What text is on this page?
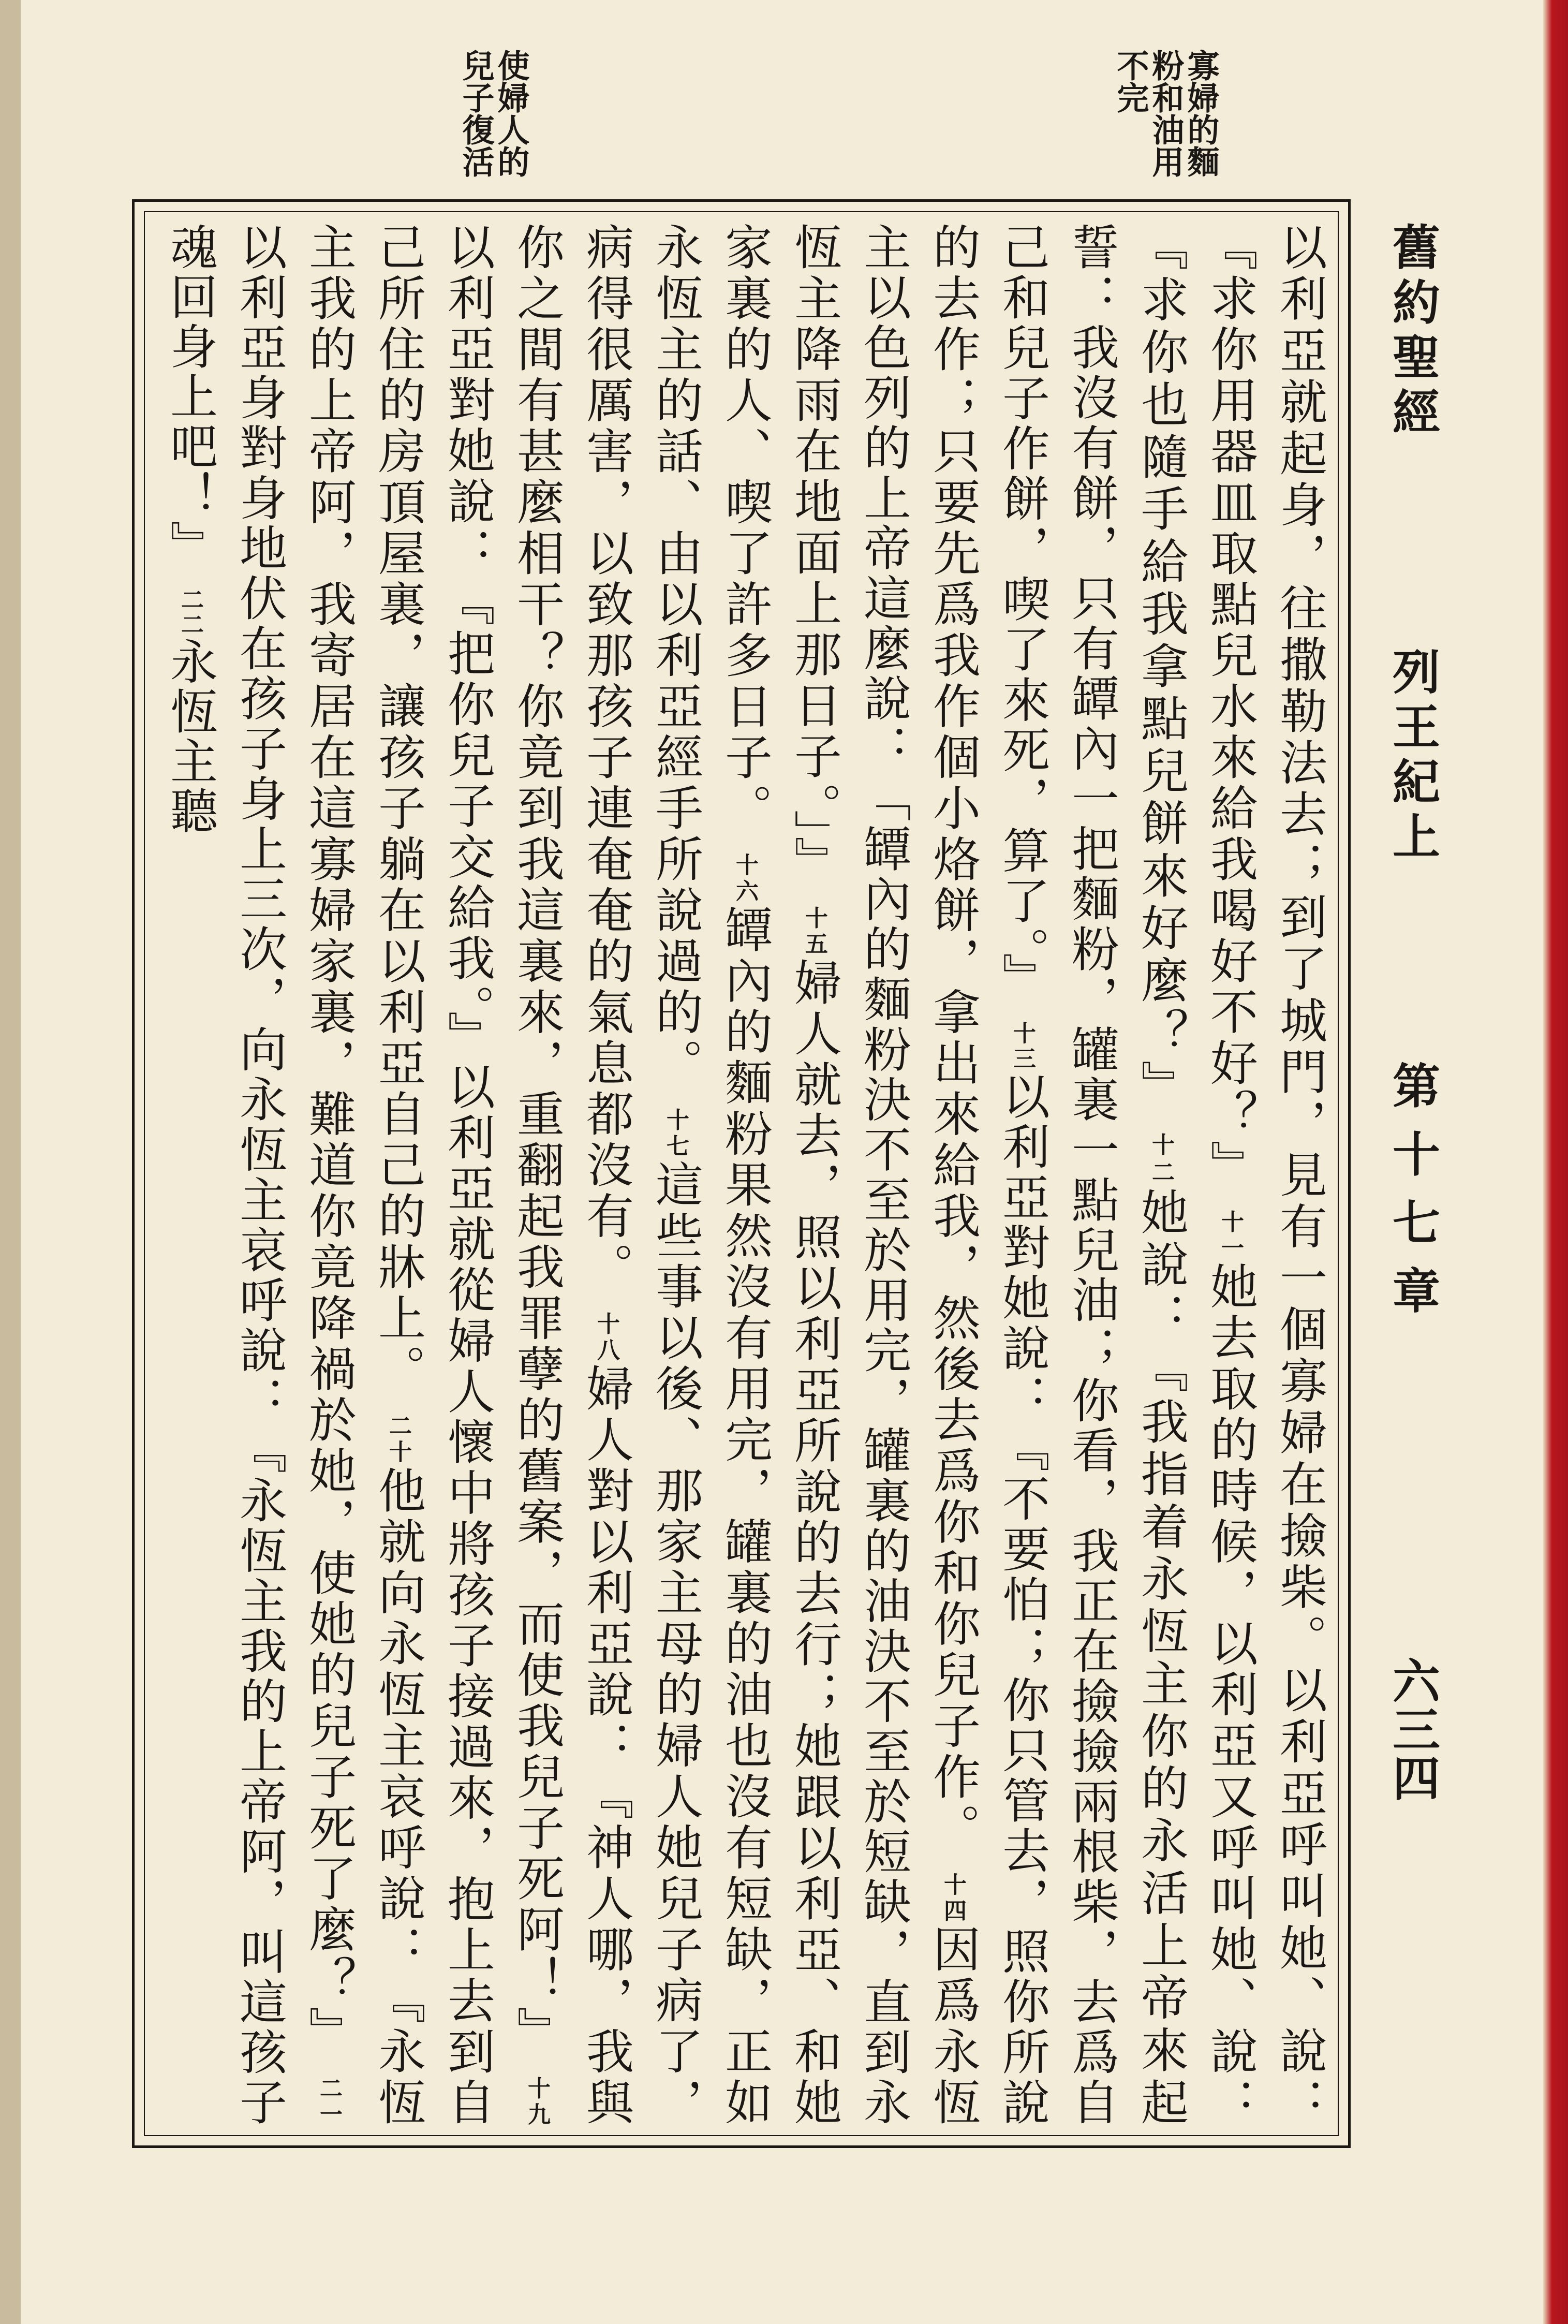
舊約聖經
列王紀上
第十七章
六三四
寡婦的麵粉和油用不完
使婦人的兒子復活

以利亞就起身，往撒勒法去；到了城門，見有一個寡婦在撿柴。以利亞呼叫她、說：『求你用器皿取點兒水來給我喝好不好？』 $^{十一}$她去取的時候，以利亞又呼叫她、說：『求你也隨手給我拿點兒餅來好麼？』 $^{十二}$她說：『我指着永恆主你的永活上帝來起誓：我沒有餅，只有罈內一把麵粉，罐裏一點兒油；你看，我正在撿撿兩根柴，去爲自己和兒子作餅，喫了來死，算了。』 $^{十三}$以利亞對她說：『不要怕；你只管去，照你所說的去作；只要先爲我作個小烙餅，拿出來給我，然後去爲你和你兒子作。 $^{十四}$因爲永恆主以色列的上帝這麼說：「罈內的麵粉決不至於用完，罐裏的油決不至於短缺，直到永恆主降雨在地面上那日子。」』 $^{十五}$婦人就去，照以利亞所說的去行；她跟以利亞、和她家裏的人、喫了許多日子。 $^{十六}$罈內的麵粉果然沒有用完，罐裏的油也沒有短缺，正如永恆主的話、由以利亞經手所說過的。 $^{十七}$這些事以後、那家主母的婦人她兒子病了，病得很厲害，以致那孩子連奄奄的氣息都沒有。 $^{十八}$婦人對以利亞說：『神人哪，我與你之間有甚麼相干？你竟到我這裏來，重翻起我罪孽的舊案，而使我兒子死阿！』 $^{十九}$以利亞對她說：『把你兒子交給我。』以利亞就從婦人懷中將孩子接過來，抱上去到自己所住的房頂屋裏，讓孩子躺在以利亞自己的牀上。 $^{二十}$他就向永恆主哀呼說：『永恆主我的上帝阿，我寄居在這寡婦家裏，難道你竟降禍於她，使她的兒子死了麼？』 $^{二一}$以利亞身對身地伏在孩子身上三次，向永恆主哀呼說：『永恆主我的上帝阿，叫這孩子魂回身上吧！』 $^{二二}$永恆主聽
